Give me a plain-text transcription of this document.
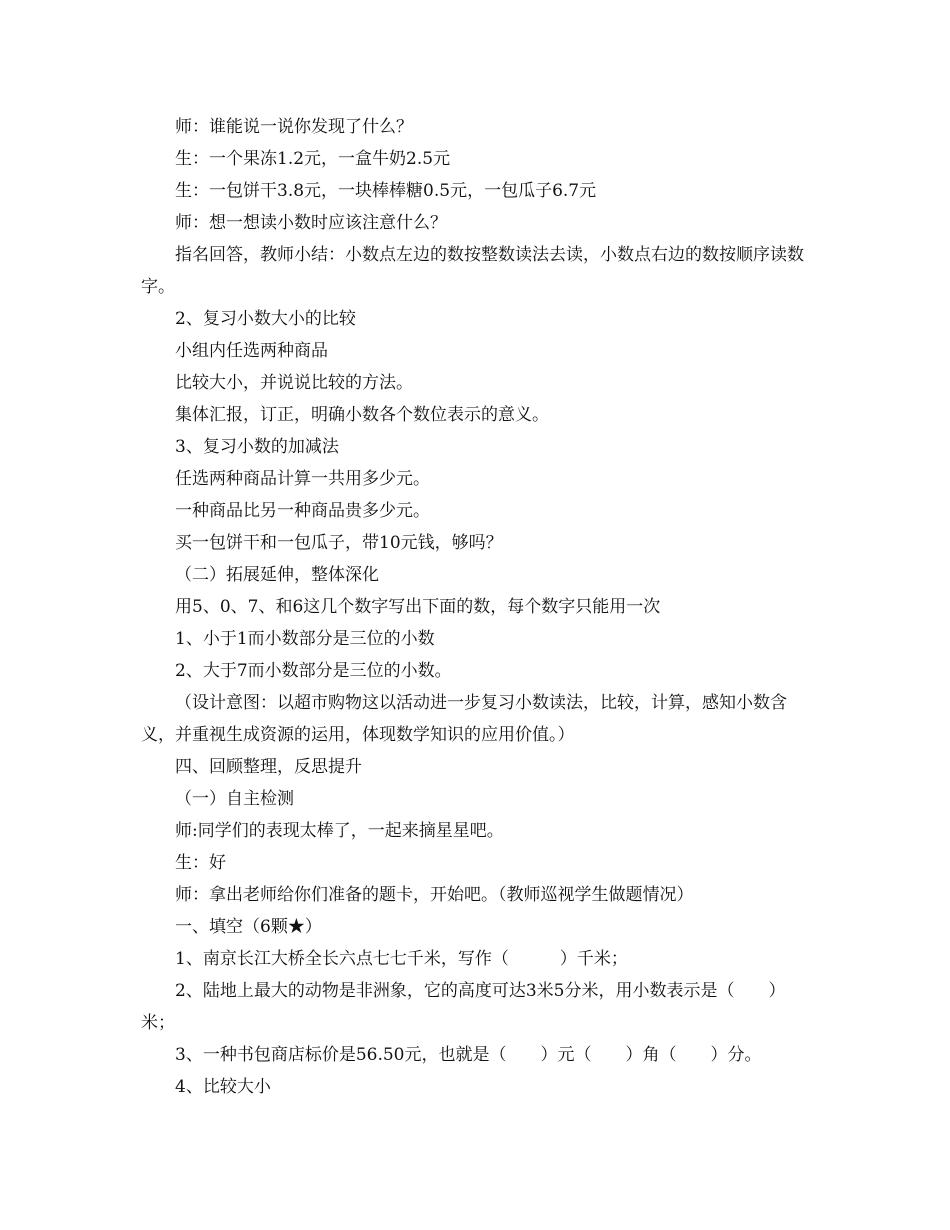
师：谁能说一说你发现了什么？

生：一个果冻1.2元，一盒牛奶2.5元

生：一包饼干3.8元，一块棒棒糖0.5元，一包瓜子6.7元

师：想一想读小数时应该注意什么？

指名回答，教师小结：小数点左边的数按整数读法去读，小数点右边的数按顺序读数字。

2、复习小数大小的比较

小组内任选两种商品

比较大小，并说说比较的方法。

集体汇报，订正，明确小数各个数位表示的意义。

3、复习小数的加减法

任选两种商品计算一共用多少元。

一种商品比另一种商品贵多少元。

买一包饼干和一包瓜子，带10元钱，够吗？

（二）拓展延伸，整体深化

用5、0、7、和6这几个数字写出下面的数，每个数字只能用一次

1、小于1而小数部分是三位的小数

2、大于7而小数部分是三位的小数。

（设计意图：以超市购物这以活动进一步复习小数读法，比较，计算，感知小数含义，并重视生成资源的运用，体现数学知识的应用价值。）

四、回顾整理，反思提升

（一）自主检测

师:同学们的表现太棒了，一起来摘星星吧。

生：好

师：拿出老师给你们准备的题卡，开始吧。（教师巡视学生做题情况）

一、填空（6颗★）

1、南京长江大桥全长六点七七千米，写作（　　　）千米；

2、陆地上最大的动物是非洲象，它的高度可达3米5分米，用小数表示是（　　）米；

3、一种书包商店标价是56.50元，也就是（　　）元（　　）角（　　）分。

4、比较大小
